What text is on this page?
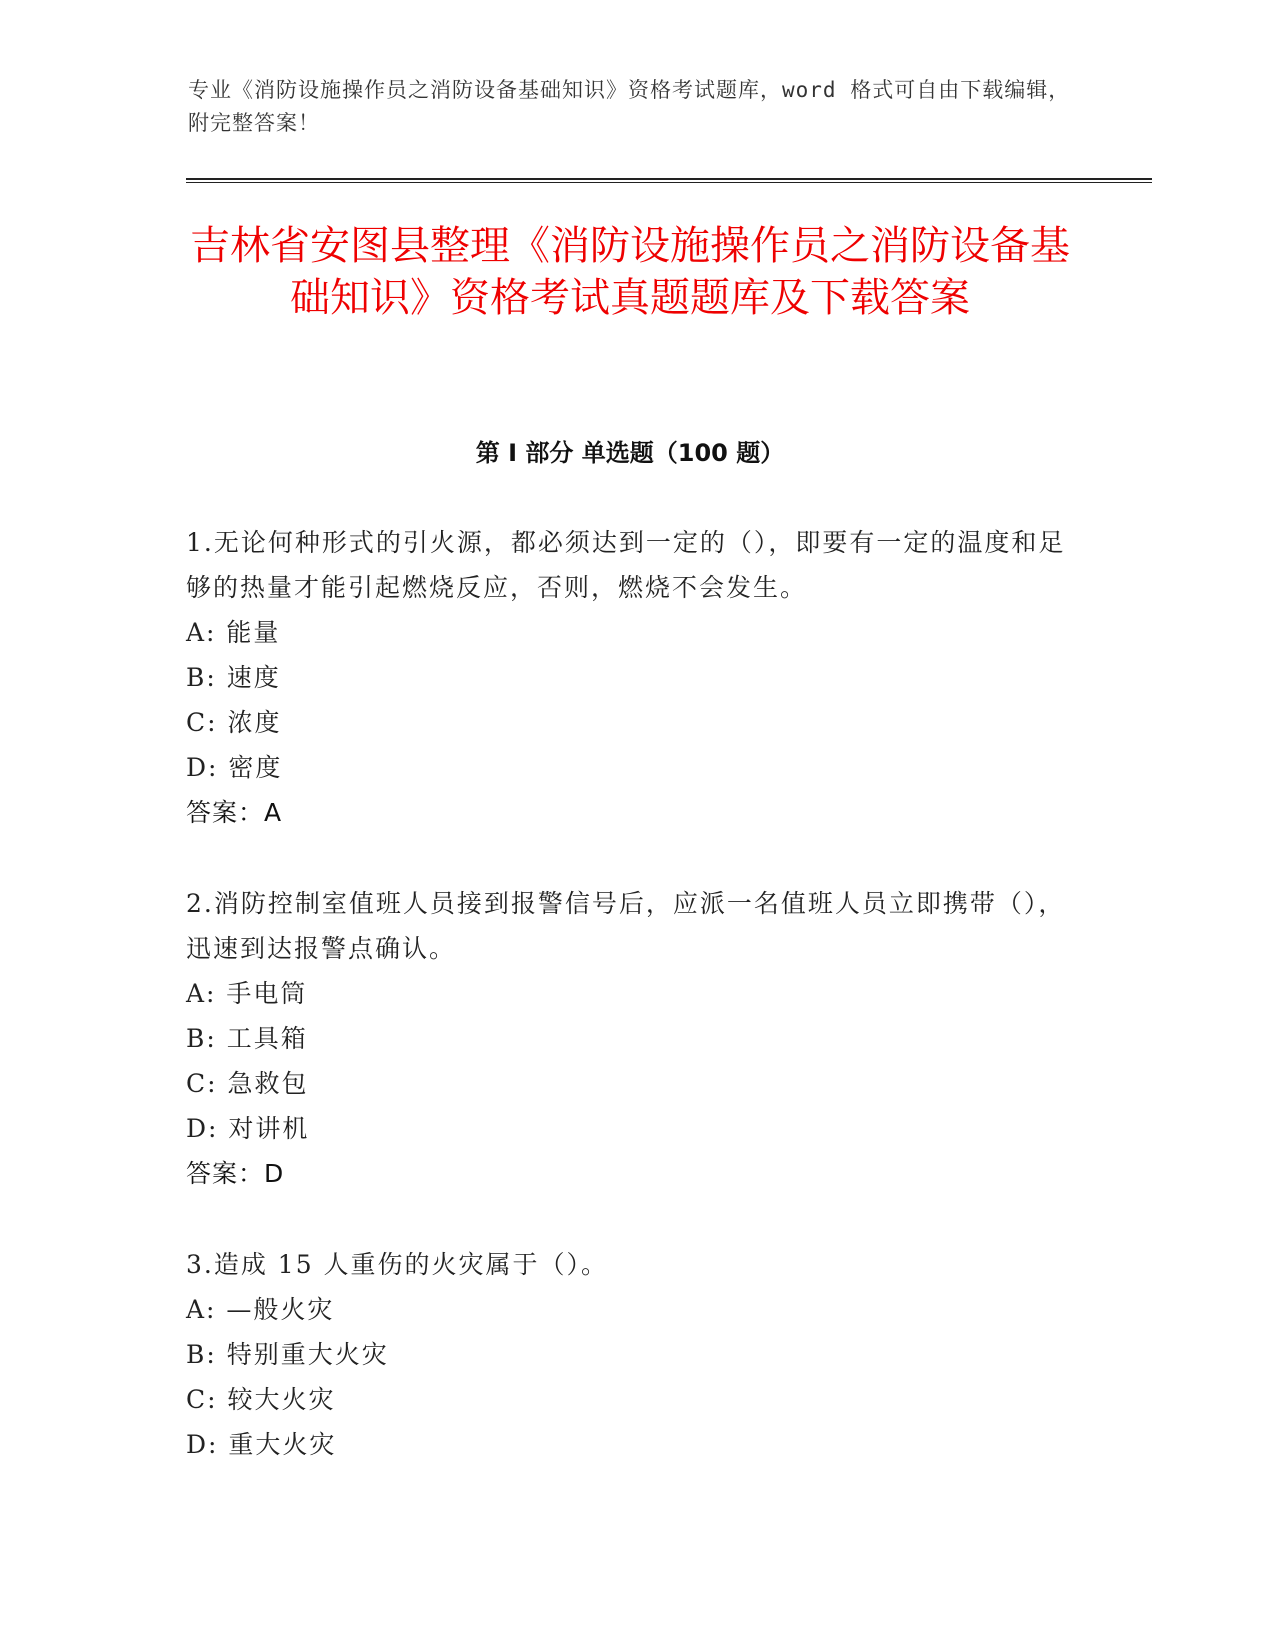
专业《消防设施操作员之消防设备基础知识》资格考试题库，word 格式可自由下载编辑，附完整答案！
吉林省安图县整理《消防设施操作员之消防设备基础知识》资格考试真题题库及下载答案
第 I 部分 单选题（100 题）
1.无论何种形式的引火源，都必须达到一定的（），即要有一定的温度和足够的热量才能引起燃烧反应，否则，燃烧不会发生。
A: 能量
B: 速度
C: 浓度
D: 密度
答案：A
2.消防控制室值班人员接到报警信号后，应派一名值班人员立即携带（），迅速到达报警点确认。
A: 手电筒
B: 工具箱
C: 急救包
D: 对讲机
答案：D
3.造成 15 人重伤的火灾属于（）。
A: —般火灾
B: 特别重大火灾
C: 较大火灾
D: 重大火灾
